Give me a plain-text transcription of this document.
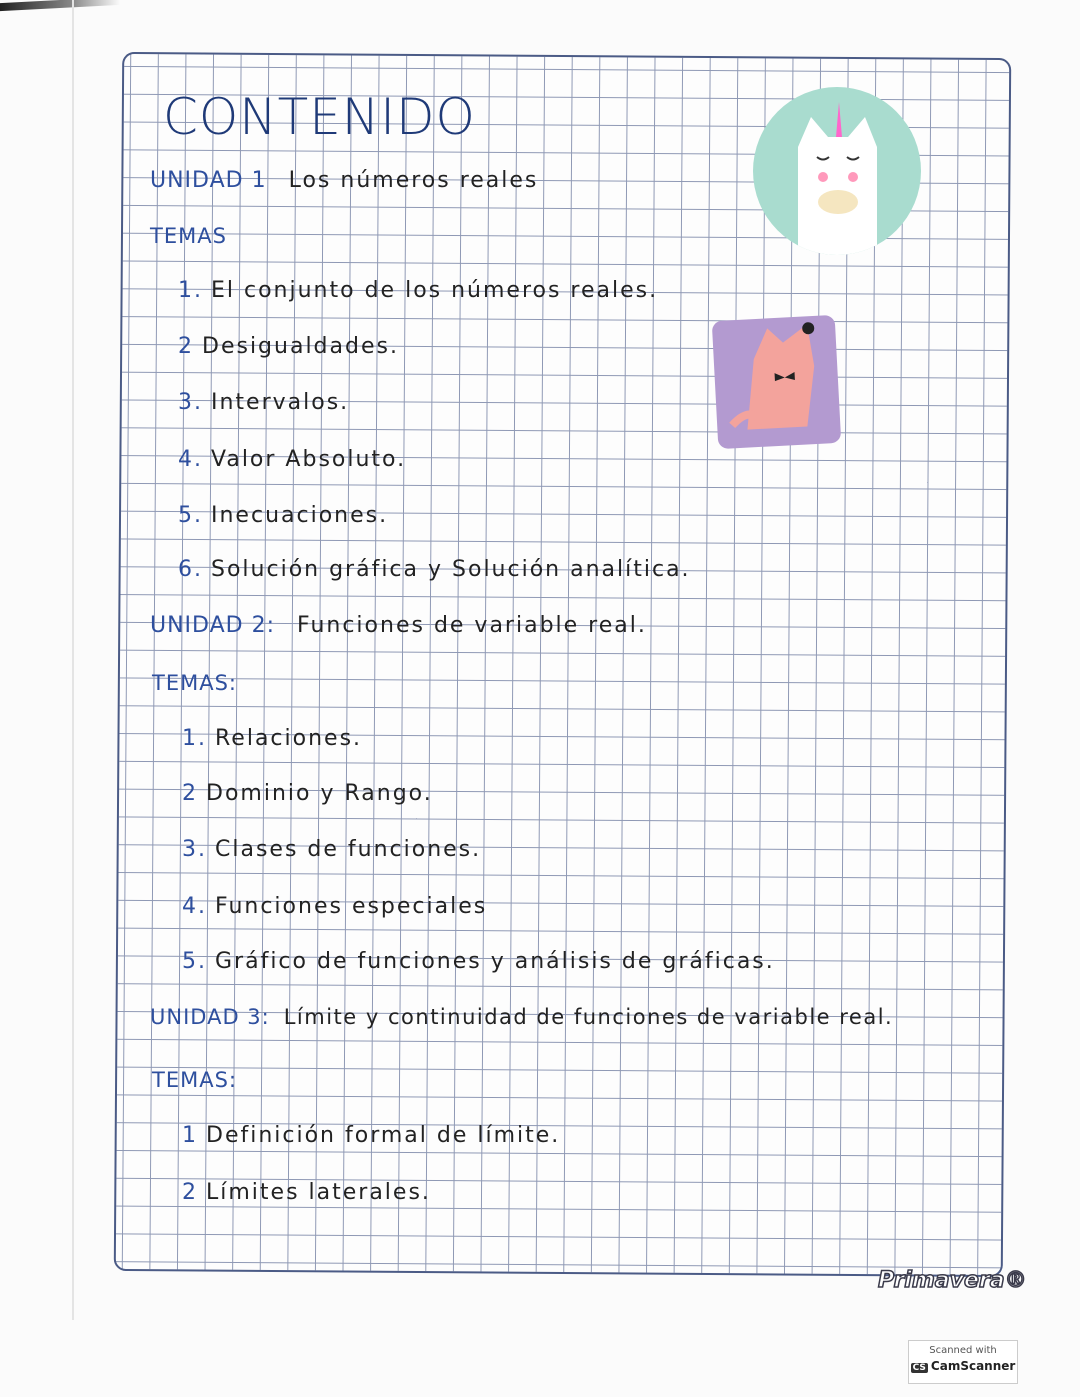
CONTENIDO
UNIDAD 1 Los números reales
TEMAS
1. El conjunto de los números reales.
2 Desigualdades.
3. Intervalos.
4. Valor Absoluto.
5. Inecuaciones.
6. Solución gráfica y Solución analítica.
UNIDAD 2: Funciones de variable real.
TEMAS:
1. Relaciones.
2 Dominio y Rango.
3. Clases de funciones.
4. Funciones especiales
5. Gráfico de funciones y análisis de gráficas.
UNIDAD 3: Límite y continuidad de funciones de variable real.
TEMAS:
1 Definición formal de límite.
2 Límites laterales.
Primavera®
Scanned with
CS CamScanner
